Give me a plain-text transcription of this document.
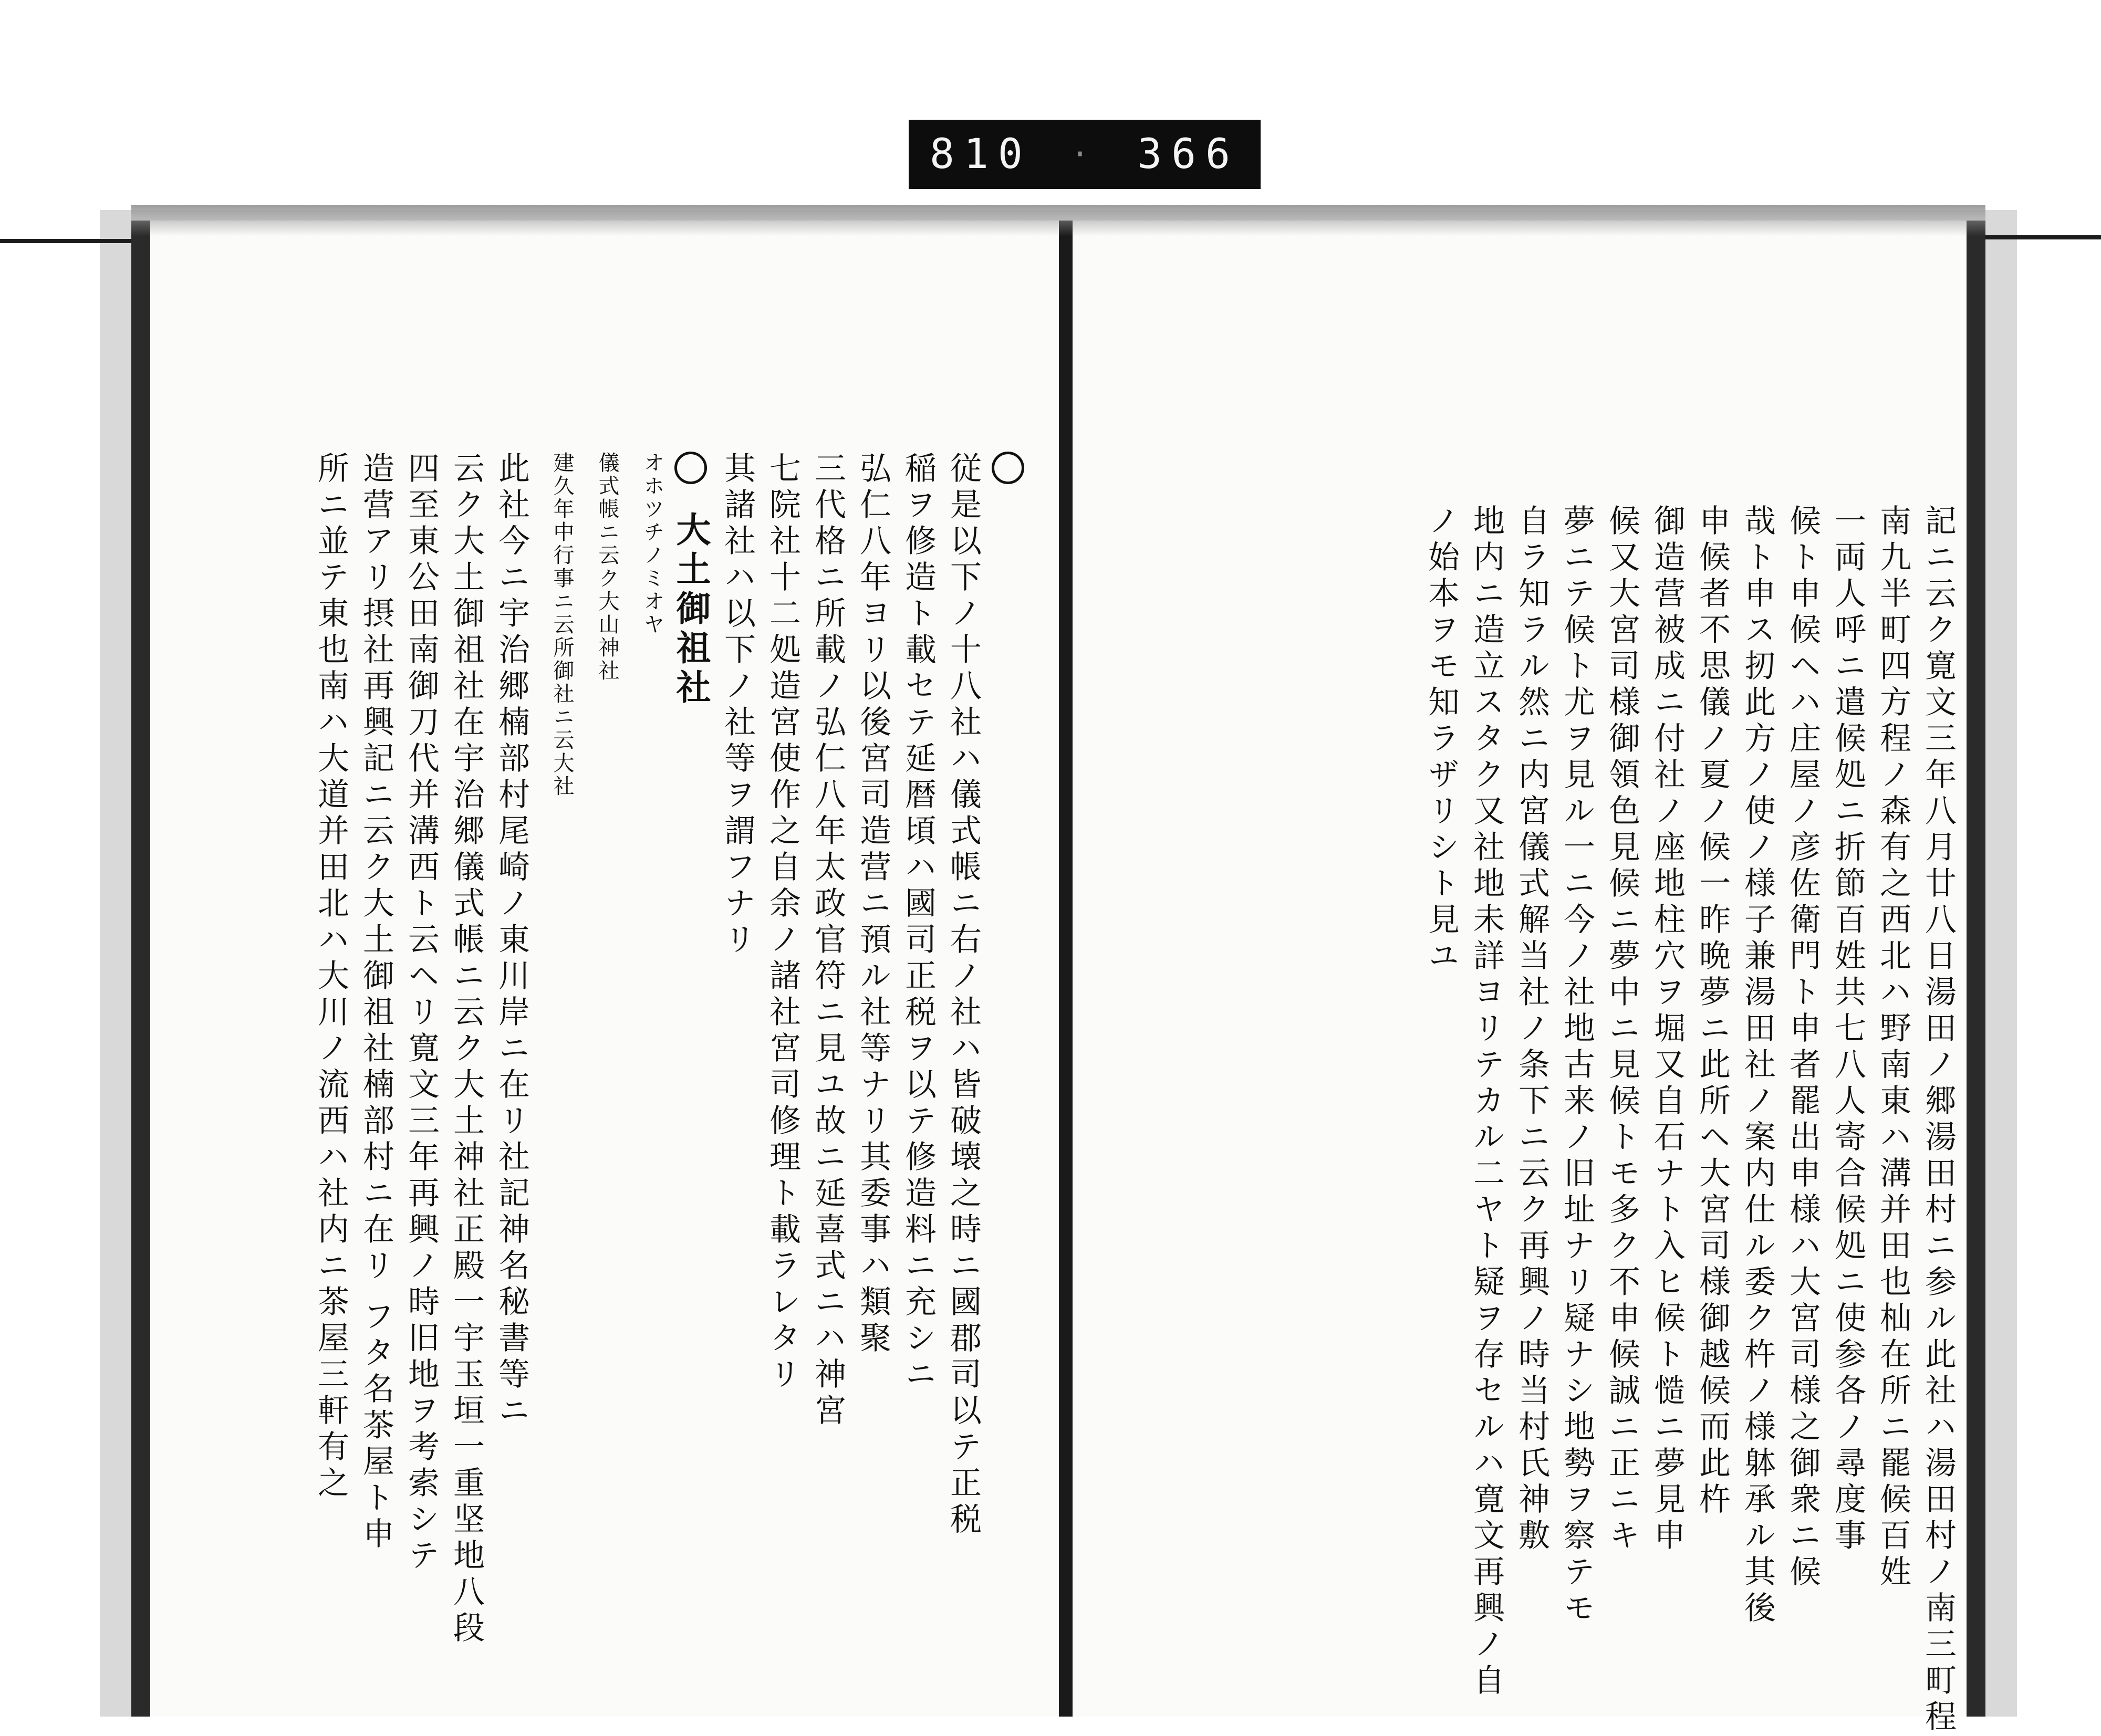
810 · 366
記ニ云ク寛文三年八月廿八日湯田ノ郷湯田村ニ参ル此社ハ湯田村ノ南三町程
南九半町四方程ノ森有之西北ハ野南東ハ溝并田也杣在所ニ罷候百姓
一両人呼ニ遣候処ニ折節百姓共七八人寄合候処ニ使参各ノ尋度事
候ト申候ヘハ庄屋ノ彦佐衛門ト申者罷出申様ハ大宮司様之御衆ニ候
哉ト申ス扨此方ノ使ノ様子兼湯田社ノ案内仕ル委ク杵ノ様躰承ル其後
申候者不思儀ノ夏ノ候一昨晩夢ニ此所ヘ大宮司様御越候而此杵
御造营被成ニ付社ノ座地柱穴ヲ堀又自石ナト入ヒ候ト慥ニ夢見申
候又大宮司様御領色見候ニ夢中ニ見候トモ多ク不申候誠ニ正ニキ
夢ニテ候ト尤ヲ見ル一ニ今ノ社地古来ノ旧址ナリ疑ナシ地勢ヲ察テモ
自ラ知ラル然ニ内宮儀式解当社ノ条下ニ云ク再興ノ時当村氏神敷
地内ニ造立スタク又社地未詳ヨリテカル二ヤト疑ヲ存セルハ寛文再興ノ自
ノ始本ヲモ知ラザリシト見ユ
従是以下ノ十八社ハ儀式帳ニ右ノ社ハ皆破壊之時ニ國郡司以テ正税
稲ヲ修造ト載セテ延暦頃ハ國司正税ヲ以テ修造料ニ充シニ
弘仁八年ヨリ以後宮司造营ニ預ル社等ナリ其委事ハ類聚
三代格ニ所載ノ弘仁八年太政官符ニ見ユ故ニ延喜式ニハ神宮
七院社十二処造宮使作之自余ノ諸社宮司修理ト載ラレタリ
其諸社ハ以下ノ社等ヲ謂フナリ
大土御祖社
オホツチノミオヤ
儀式帳ニ云ク大山神社
建久年中行事ニ云所御社ニ云大社
此社今ニ宇治郷楠部村尾崎ノ東川岸ニ在リ社記神名秘書等ニ
云ク大土御祖社在宇治郷儀式帳ニ云ク大土神社正殿一宇玉垣一重坚地八段
四至東公田南御刀代并溝西ト云ヘリ寛文三年再興ノ時旧地ヲ考索シテ
造营アリ摂社再興記ニ云ク大土御祖社楠部村ニ在リ フタ名茶屋ト申
所ニ並テ東也南ハ大道并田北ハ大川ノ流西ハ社内ニ茶屋三軒有之
